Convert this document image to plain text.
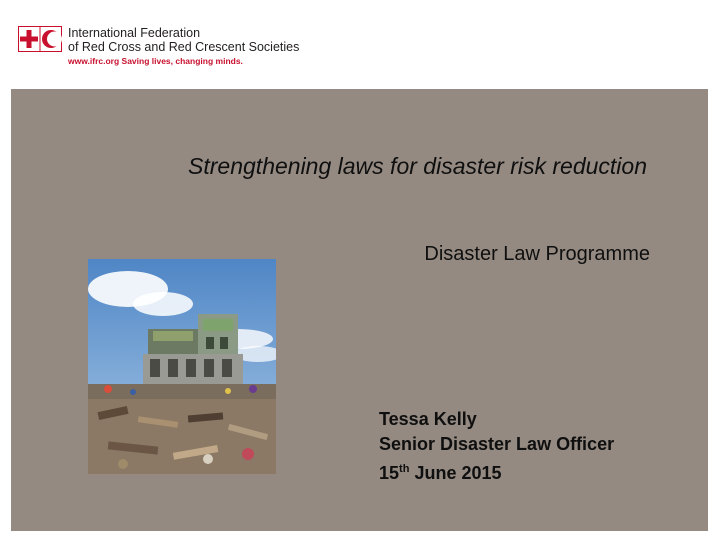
International Federation
of Red Cross and Red Crescent Societies
www.ifrc.org Saving lives, changing minds.
Strengthening laws for disaster risk reduction
Disaster Law Programme
Tessa Kelly
Senior Disaster Law Officer
15th June 2015
